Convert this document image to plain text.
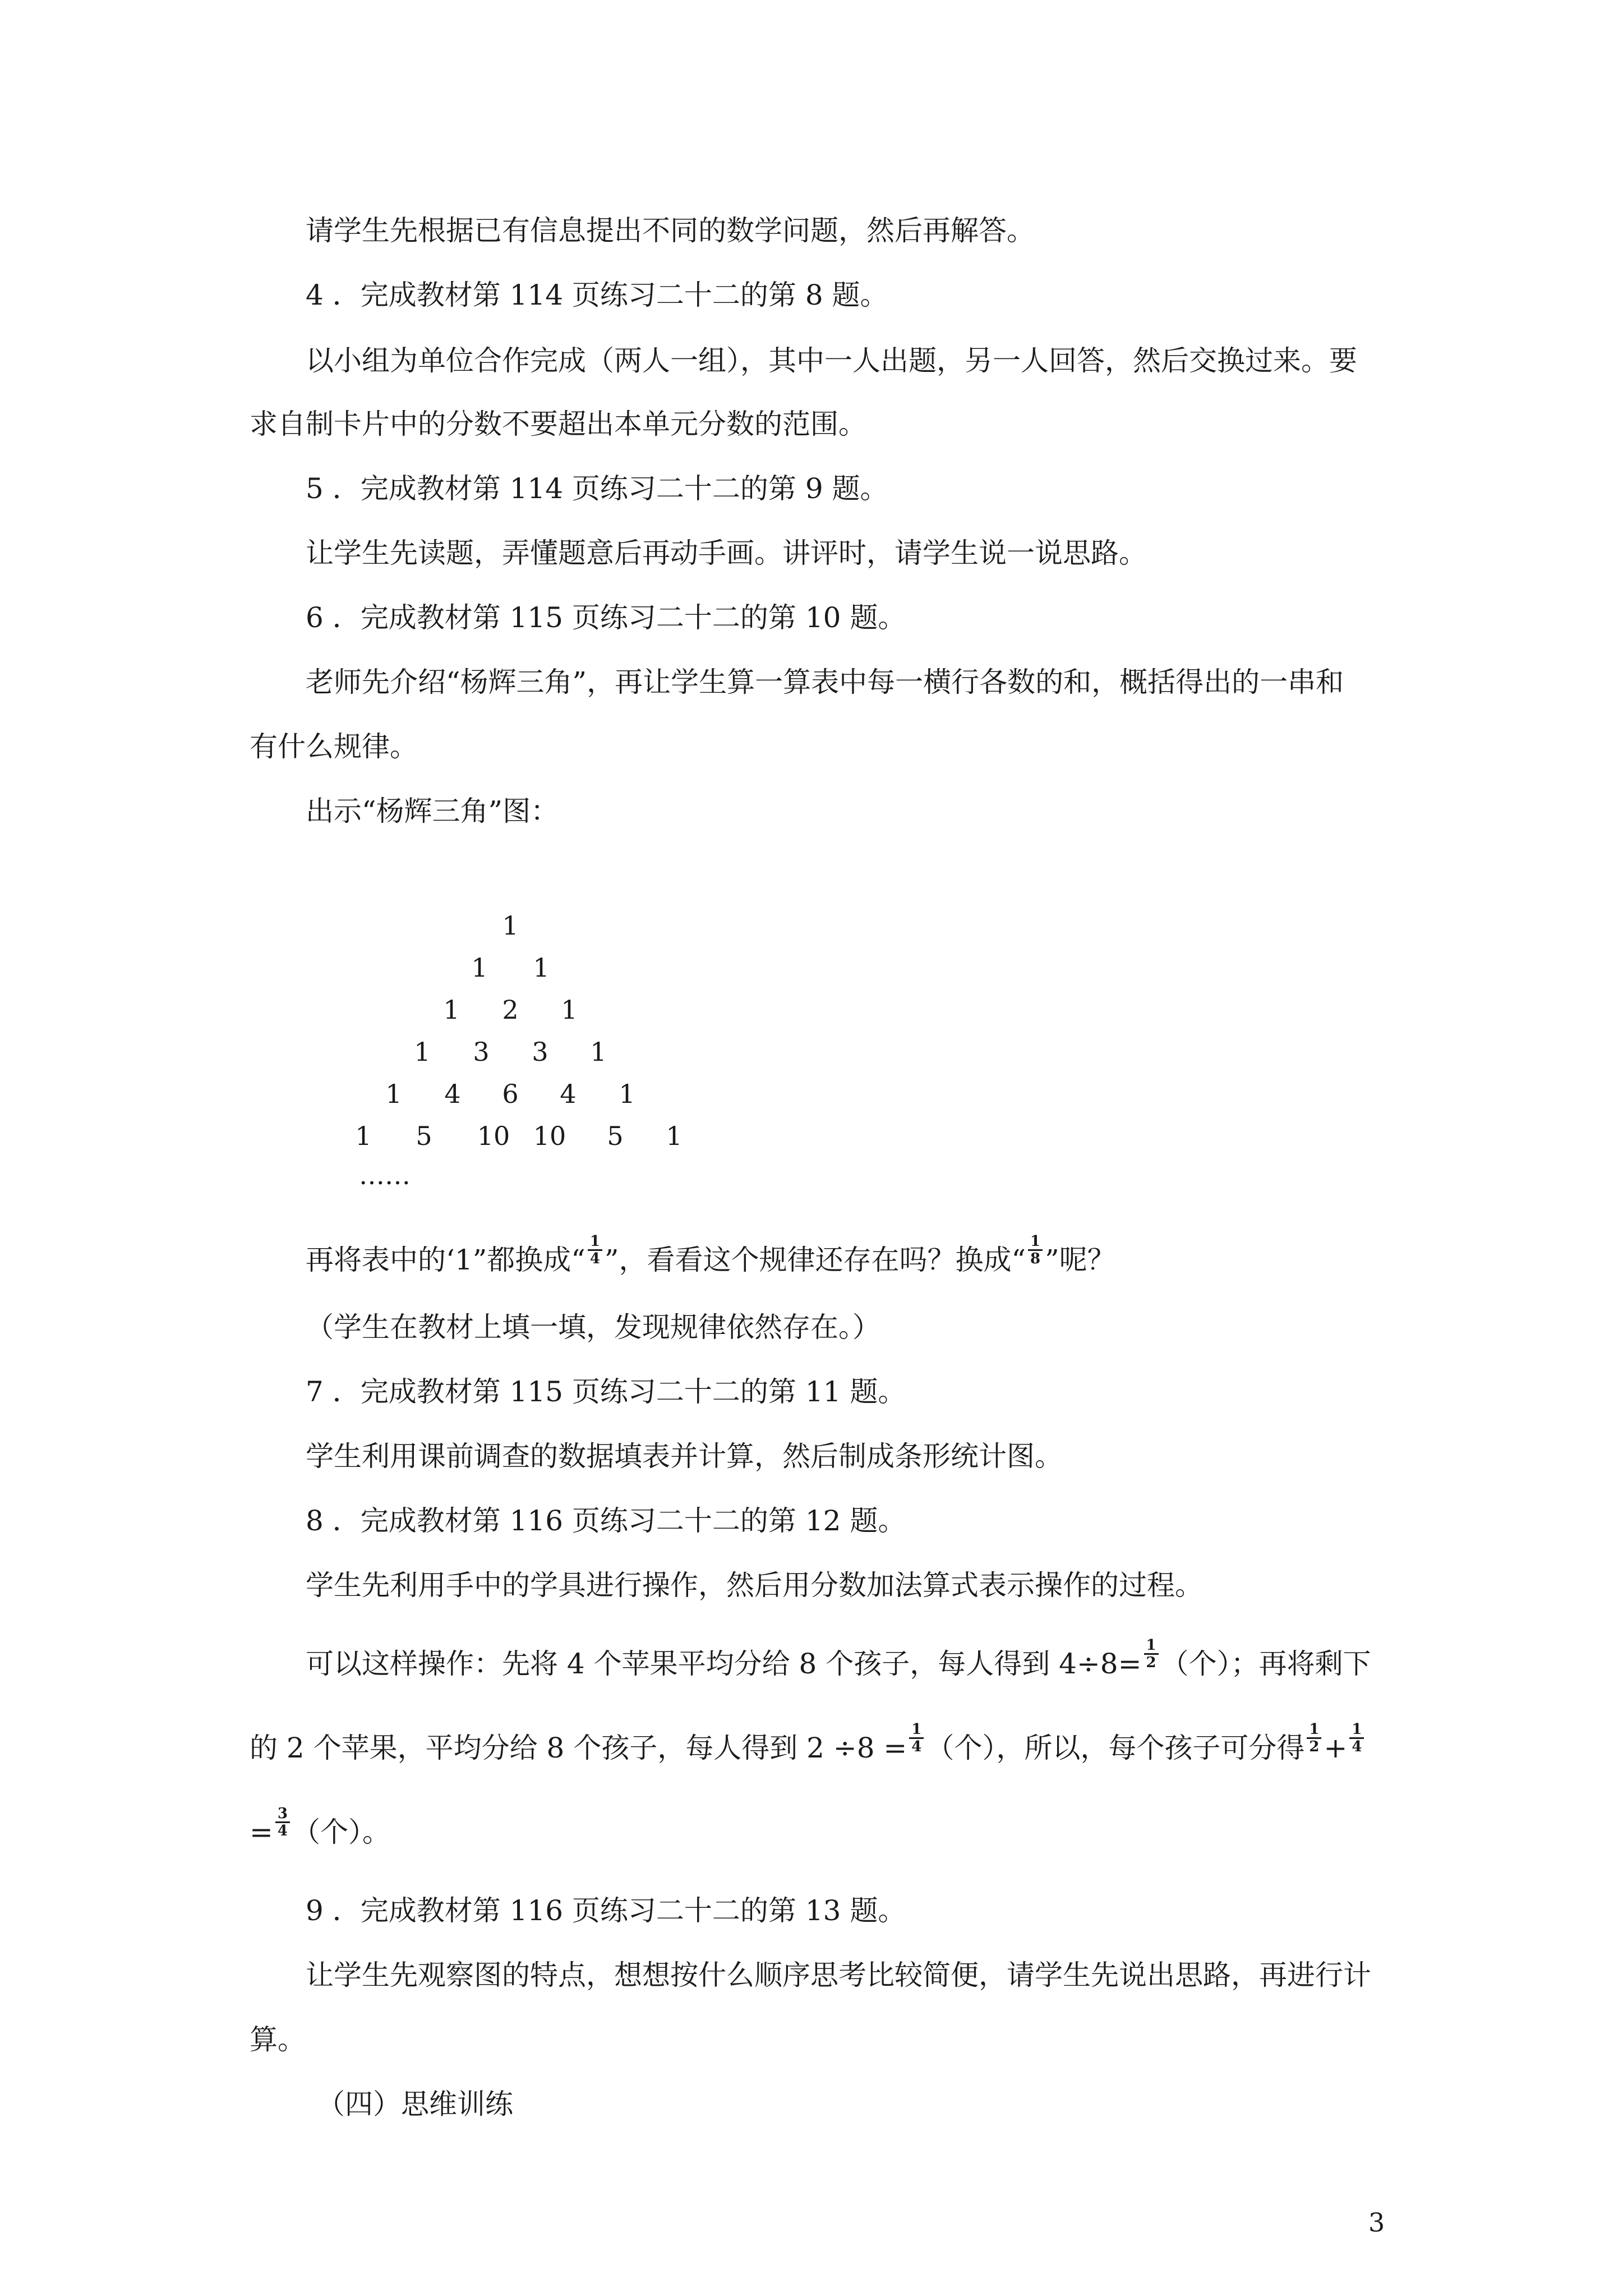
请学生先根据已有信息提出不同的数学问题，然后再解答。

4 ．完成教材第 114 页练习二十二的第 8 题。

以小组为单位合作完成（两人一组），其中一人出题，另一人回答，然后交换过来。要

求自制卡片中的分数不要超出本单元分数的范围。

5 ．完成教材第 114 页练习二十二的第 9 题。

让学生先读题，弄懂题意后再动手画。讲评时，请学生说一说思路。

6 ．完成教材第 115 页练习二十二的第 10 题。

老师先介绍“杨辉三角”，再让学生算一算表中每一横行各数的和，概括得出的一串和

有什么规律。

出示“杨辉三角”图：

1
1	1
1	2	1
1	3	3	1
1	4	6	4	1
1	5	10 10	5	1
……

再将表中的‘1”都换成“ $\frac{1}{4}$ ”，看看这个规律还存在吗？换成“ $\frac{1}{8}$ ”呢？

（学生在教材上填一填，发现规律依然存在。）

7 ．完成教材第 115 页练习二十二的第 11 题。

学生利用课前调查的数据填表并计算，然后制成条形统计图。

8 ．完成教材第 116 页练习二十二的第 12 题。

学生先利用手中的学具进行操作，然后用分数加法算式表示操作的过程。

可以这样操作：先将 4 个苹果平均分给 8 个孩子，每人得到 $4\div 8= \frac{1}{2}$ （个）；再将剩下

的 2 个苹果，平均分给 8 个孩子，每人得到 $2 \div 8 = \frac{1}{4}$ （个），所以，每个孩子可分得 $\frac{1}{2} + \frac{1}{4}$

= $\frac{3}{4}$ （个）。

9 ．完成教材第 116 页练习二十二的第 13 题。

让学生先观察图的特点，想想按什么顺序思考比较简便，请学生先说出思路，再进行计

算。

（四）思维训练

3
